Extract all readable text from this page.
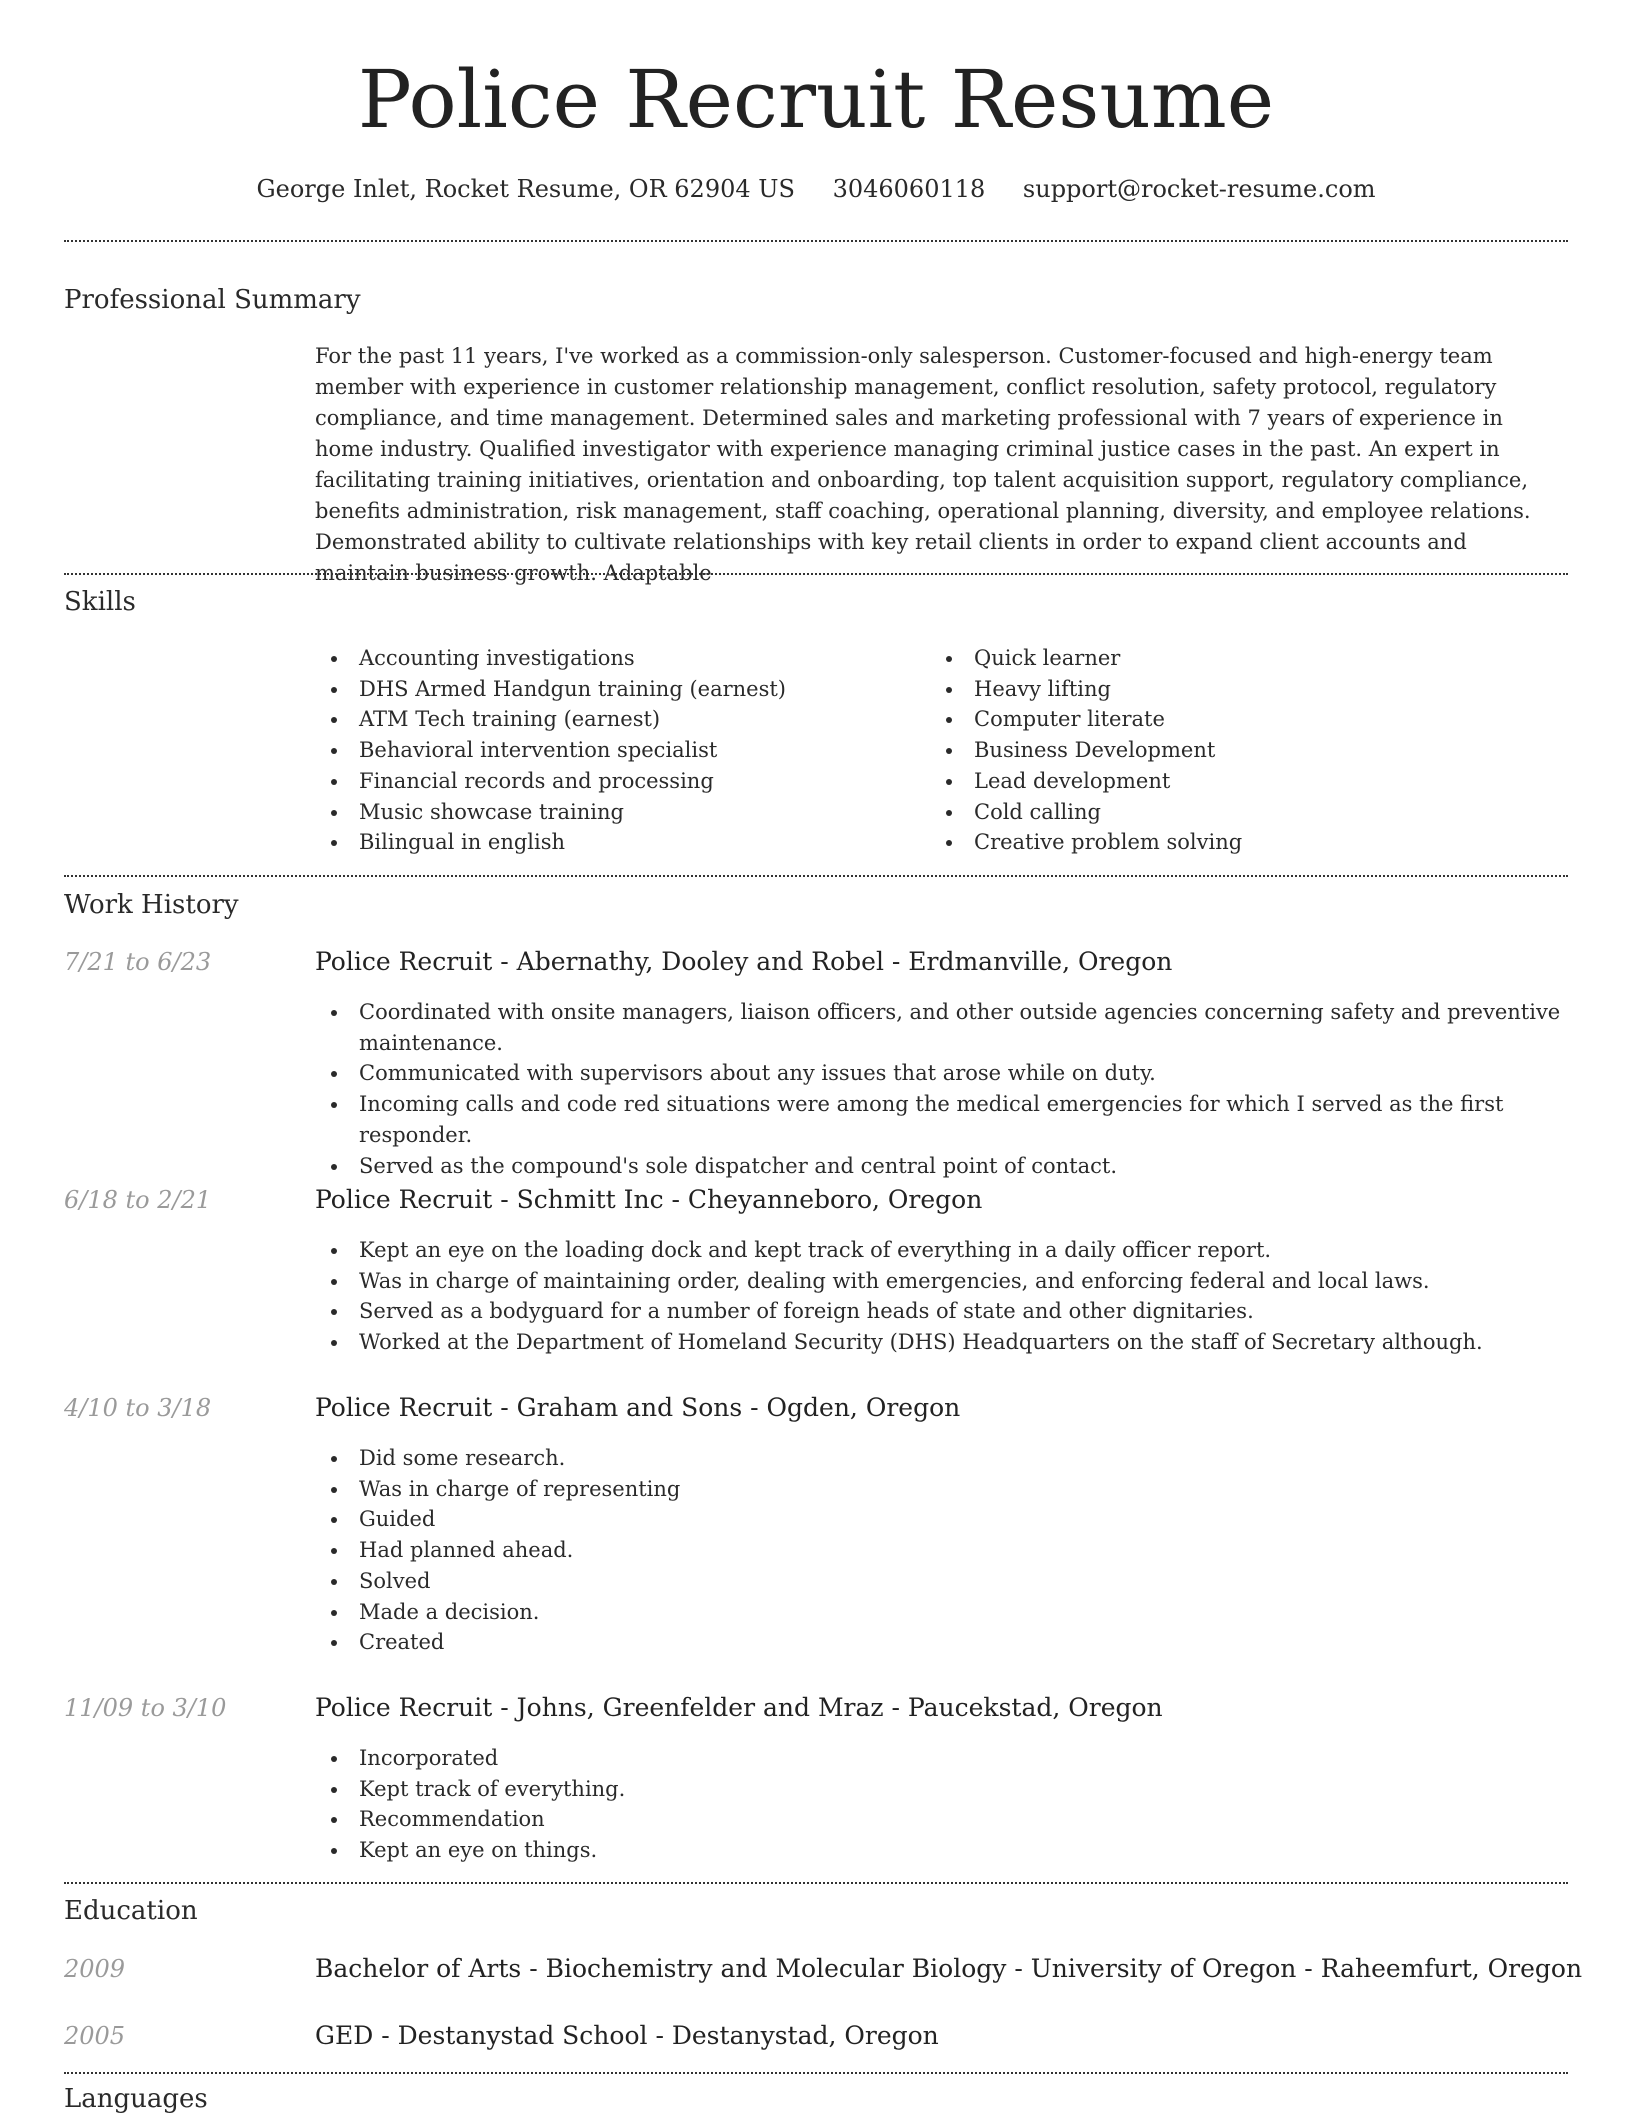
Police Recruit Resume
George Inlet, Rocket Resume, OR 62904 US 3046060118 support@rocket-resume.com
Professional Summary

For the past 11 years, I've worked as a commission-only salesperson. Customer-focused and high-energy team member with experience in customer relationship management, conflict resolution, safety protocol, regulatory compliance, and time management. Determined sales and marketing professional with 7 years of experience in home industry. Qualified investigator with experience managing criminal justice cases in the past. An expert in facilitating training initiatives, orientation and onboarding, top talent acquisition support, regulatory compliance, benefits administration, risk management, staff coaching, operational planning, diversity, and employee relations. Demonstrated ability to cultivate relationships with key retail clients in order to expand client accounts and maintain business growth. Adaptable

Skills
Accounting investigations
DHS Armed Handgun training (earnest)
ATM Tech training (earnest)
Behavioral intervention specialist
Financial records and processing
Music showcase training
Bilingual in english
Quick learner
Heavy lifting
Computer literate
Business Development
Lead development
Cold calling
Creative problem solving
Work History
7/21 to 6/23	Police Recruit - Abernathy, Dooley and Robel - Erdmanville, Oregon
Coordinated with onsite managers, liaison officers, and other outside agencies concerning safety and preventive maintenance.
Communicated with supervisors about any issues that arose while on duty.
Incoming calls and code red situations were among the medical emergencies for which I served as the first responder.
Served as the compound's sole dispatcher and central point of contact.
6/18 to 2/21	Police Recruit - Schmitt Inc - Cheyanneboro, Oregon
Kept an eye on the loading dock and kept track of everything in a daily officer report.
Was in charge of maintaining order, dealing with emergencies, and enforcing federal and local laws.
Served as a bodyguard for a number of foreign heads of state and other dignitaries.
Worked at the Department of Homeland Security (DHS) Headquarters on the staff of Secretary although.
4/10 to 3/18	Police Recruit - Graham and Sons - Ogden, Oregon
Did some research.
Was in charge of representing
Guided
Had planned ahead.
Solved
Made a decision.
Created
11/09 to 3/10	Police Recruit - Johns, Greenfelder and Mraz - Paucekstad, Oregon
Incorporated
Kept track of everything.
Recommendation
Kept an eye on things.
Education
2009	Bachelor of Arts - Biochemistry and Molecular Biology - University of Oregon - Raheemfurt, Oregon
2005	GED - Destanystad School - Destanystad, Oregon
Languages
